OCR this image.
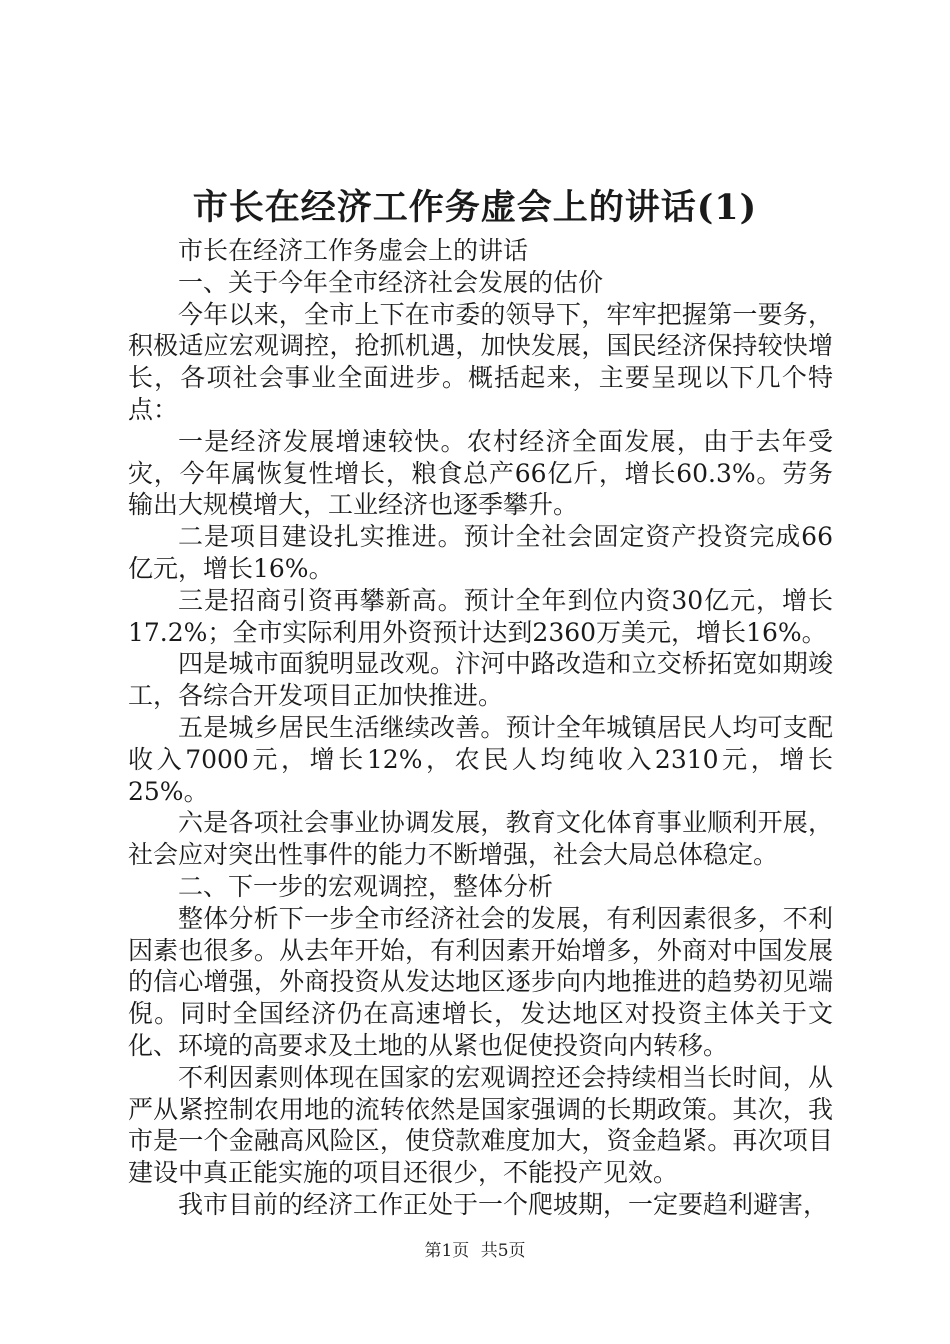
市长在经济工作务虚会上的讲话(1)

市长在经济工作务虚会上的讲话

一、关于今年全市经济社会发展的估价

今年以来，全市上下在市委的领导下，牢牢把握第一要务，积极适应宏观调控，抢抓机遇，加快发展，国民经济保持较快增长，各项社会事业全面进步。概括起来，主要呈现以下几个特点：

一是经济发展增速较快。农村经济全面发展，由于去年受灾，今年属恢复性增长，粮食总产66亿斤，增长60.3%。劳务输出大规模增大，工业经济也逐季攀升。

二是项目建设扎实推进。预计全社会固定资产投资完成66亿元，增长16%。

三是招商引资再攀新高。预计全年到位内资30亿元，增长17.2%；全市实际利用外资预计达到2360万美元，增长16%。

四是城市面貌明显改观。汴河中路改造和立交桥拓宽如期竣工，各综合开发项目正加快推进。

五是城乡居民生活继续改善。预计全年城镇居民人均可支配收入7000元，增长12%，农民人均纯收入2310元，增长25%。

六是各项社会事业协调发展，教育文化体育事业顺利开展，社会应对突出性事件的能力不断增强，社会大局总体稳定。

二、下一步的宏观调控，整体分析

整体分析下一步全市经济社会的发展，有利因素很多，不利因素也很多。从去年开始，有利因素开始增多，外商对中国发展的信心增强，外商投资从发达地区逐步向内地推进的趋势初见端倪。同时全国经济仍在高速增长，发达地区对投资主体关于文化、环境的高要求及土地的从紧也促使投资向内转移。

不利因素则体现在国家的宏观调控还会持续相当长时间，从严从紧控制农用地的流转依然是国家强调的长期政策。其次，我市是一个金融高风险区，使贷款难度加大，资金趋紧。再次项目建设中真正能实施的项目还很少，不能投产见效。

我市目前的经济工作正处于一个爬坡期，一定要趋利避害，

第1页 共5页
